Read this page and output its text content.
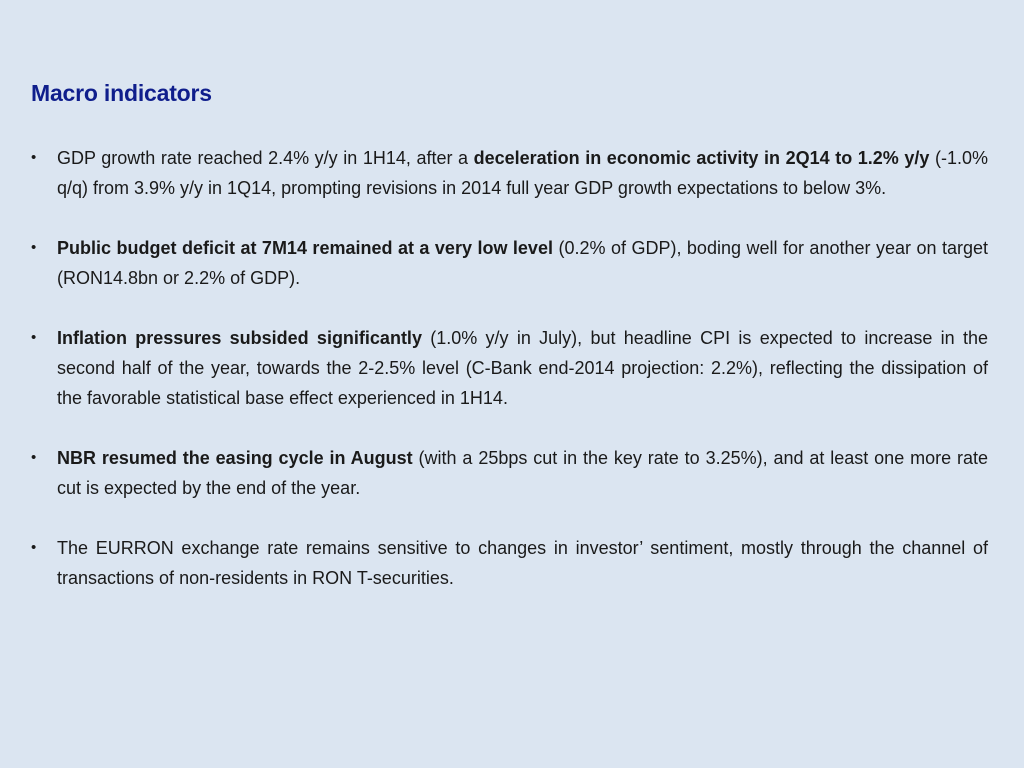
Macro indicators
• GDP growth rate reached 2.4% y/y in 1H14, after a deceleration in economic activity in 2Q14 to 1.2% y/y (-1.0% q/q) from 3.9% y/y in 1Q14, prompting revisions in 2014 full year GDP growth expectations to below 3%.
• Public budget deficit at 7M14 remained at a very low level (0.2% of GDP), boding well for another year on target (RON14.8bn or 2.2% of GDP).
• Inflation pressures subsided significantly (1.0% y/y in July), but headline CPI is expected to increase in the second half of the year, towards the 2-2.5% level (C-Bank end-2014 projection: 2.2%), reflecting the dissipation of the favorable statistical base effect experienced in 1H14.
• NBR resumed the easing cycle in August (with a 25bps cut in the key rate to 3.25%), and at least one more rate cut is expected by the end of the year.
• The EURRON exchange rate remains sensitive to changes in investor’ sentiment, mostly through the channel of transactions of non-residents in RON T-securities.
